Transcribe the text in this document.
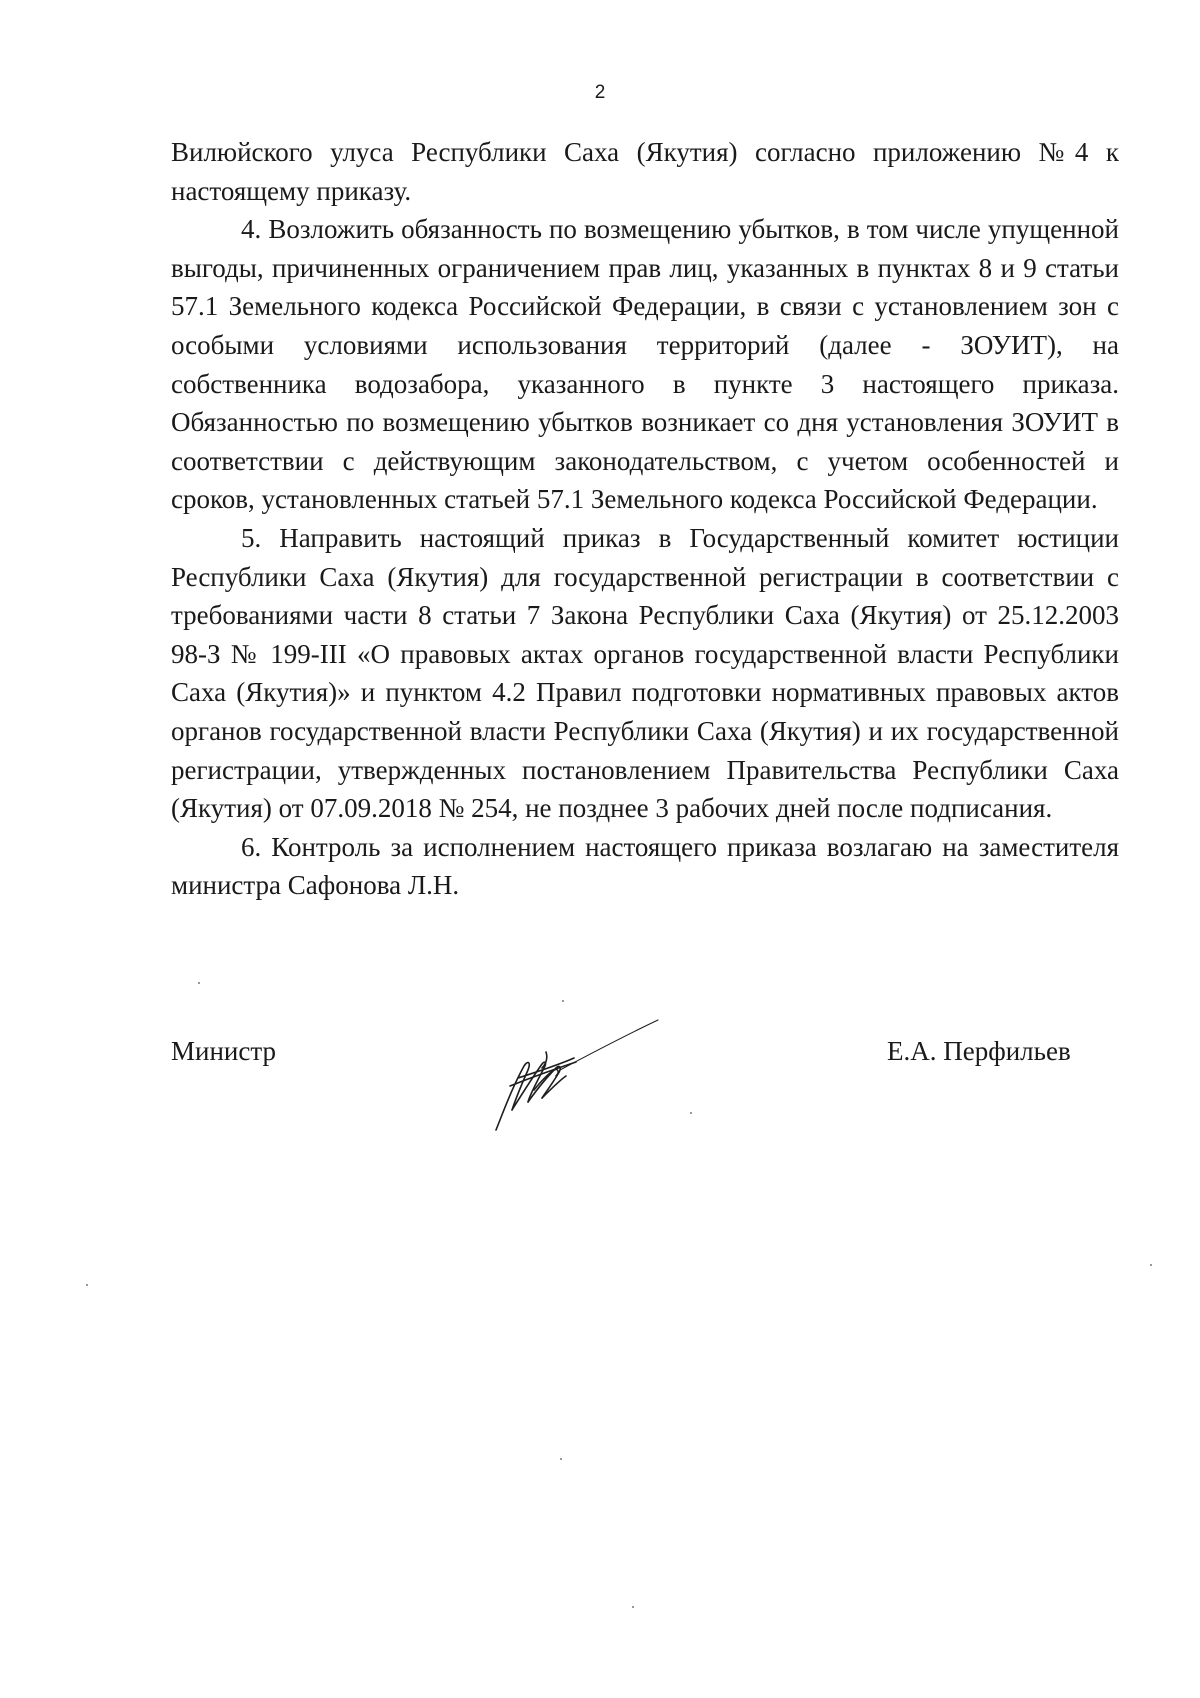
2

Вилюйского улуса Республики Саха (Якутия) согласно приложению №4 к настоящему приказу.

4. Возложить обязанность по возмещению убытков, в том числе упущенной выгоды, причиненных ограничением прав лиц, указанных в пунктах 8 и 9 статьи 57.1 Земельного кодекса Российской Федерации, в связи с установлением зон с особыми условиями использования территорий (далее - ЗОУИТ), на собственника водозабора, указанного в пункте 3 настоящего приказа. Обязанностью по возмещению убытков возникает со дня установления ЗОУИТ в соответствии с действующим законодательством, с учетом особенностей и сроков, установленных статьей 57.1 Земельного кодекса Российской Федерации.

5. Направить настоящий приказ в Государственный комитет юстиции Республики Саха (Якутия) для государственной регистрации в соответствии с требованиями части 8 статьи 7 Закона Республики Саха (Якутия) от 25.12.2003 98-З № 199-III «О правовых актах органов государственной власти Республики Саха (Якутия)» и пунктом 4.2 Правил подготовки нормативных правовых актов органов государственной власти Республики Саха (Якутия) и их государственной регистрации, утвержденных постановлением Правительства Республики Саха (Якутия) от 07.09.2018 № 254, не позднее 3 рабочих дней после подписания.

6. Контроль за исполнением настоящего приказа возлагаю на заместителя министра Сафонова Л.Н.

Министр	Е.А. Перфильев
